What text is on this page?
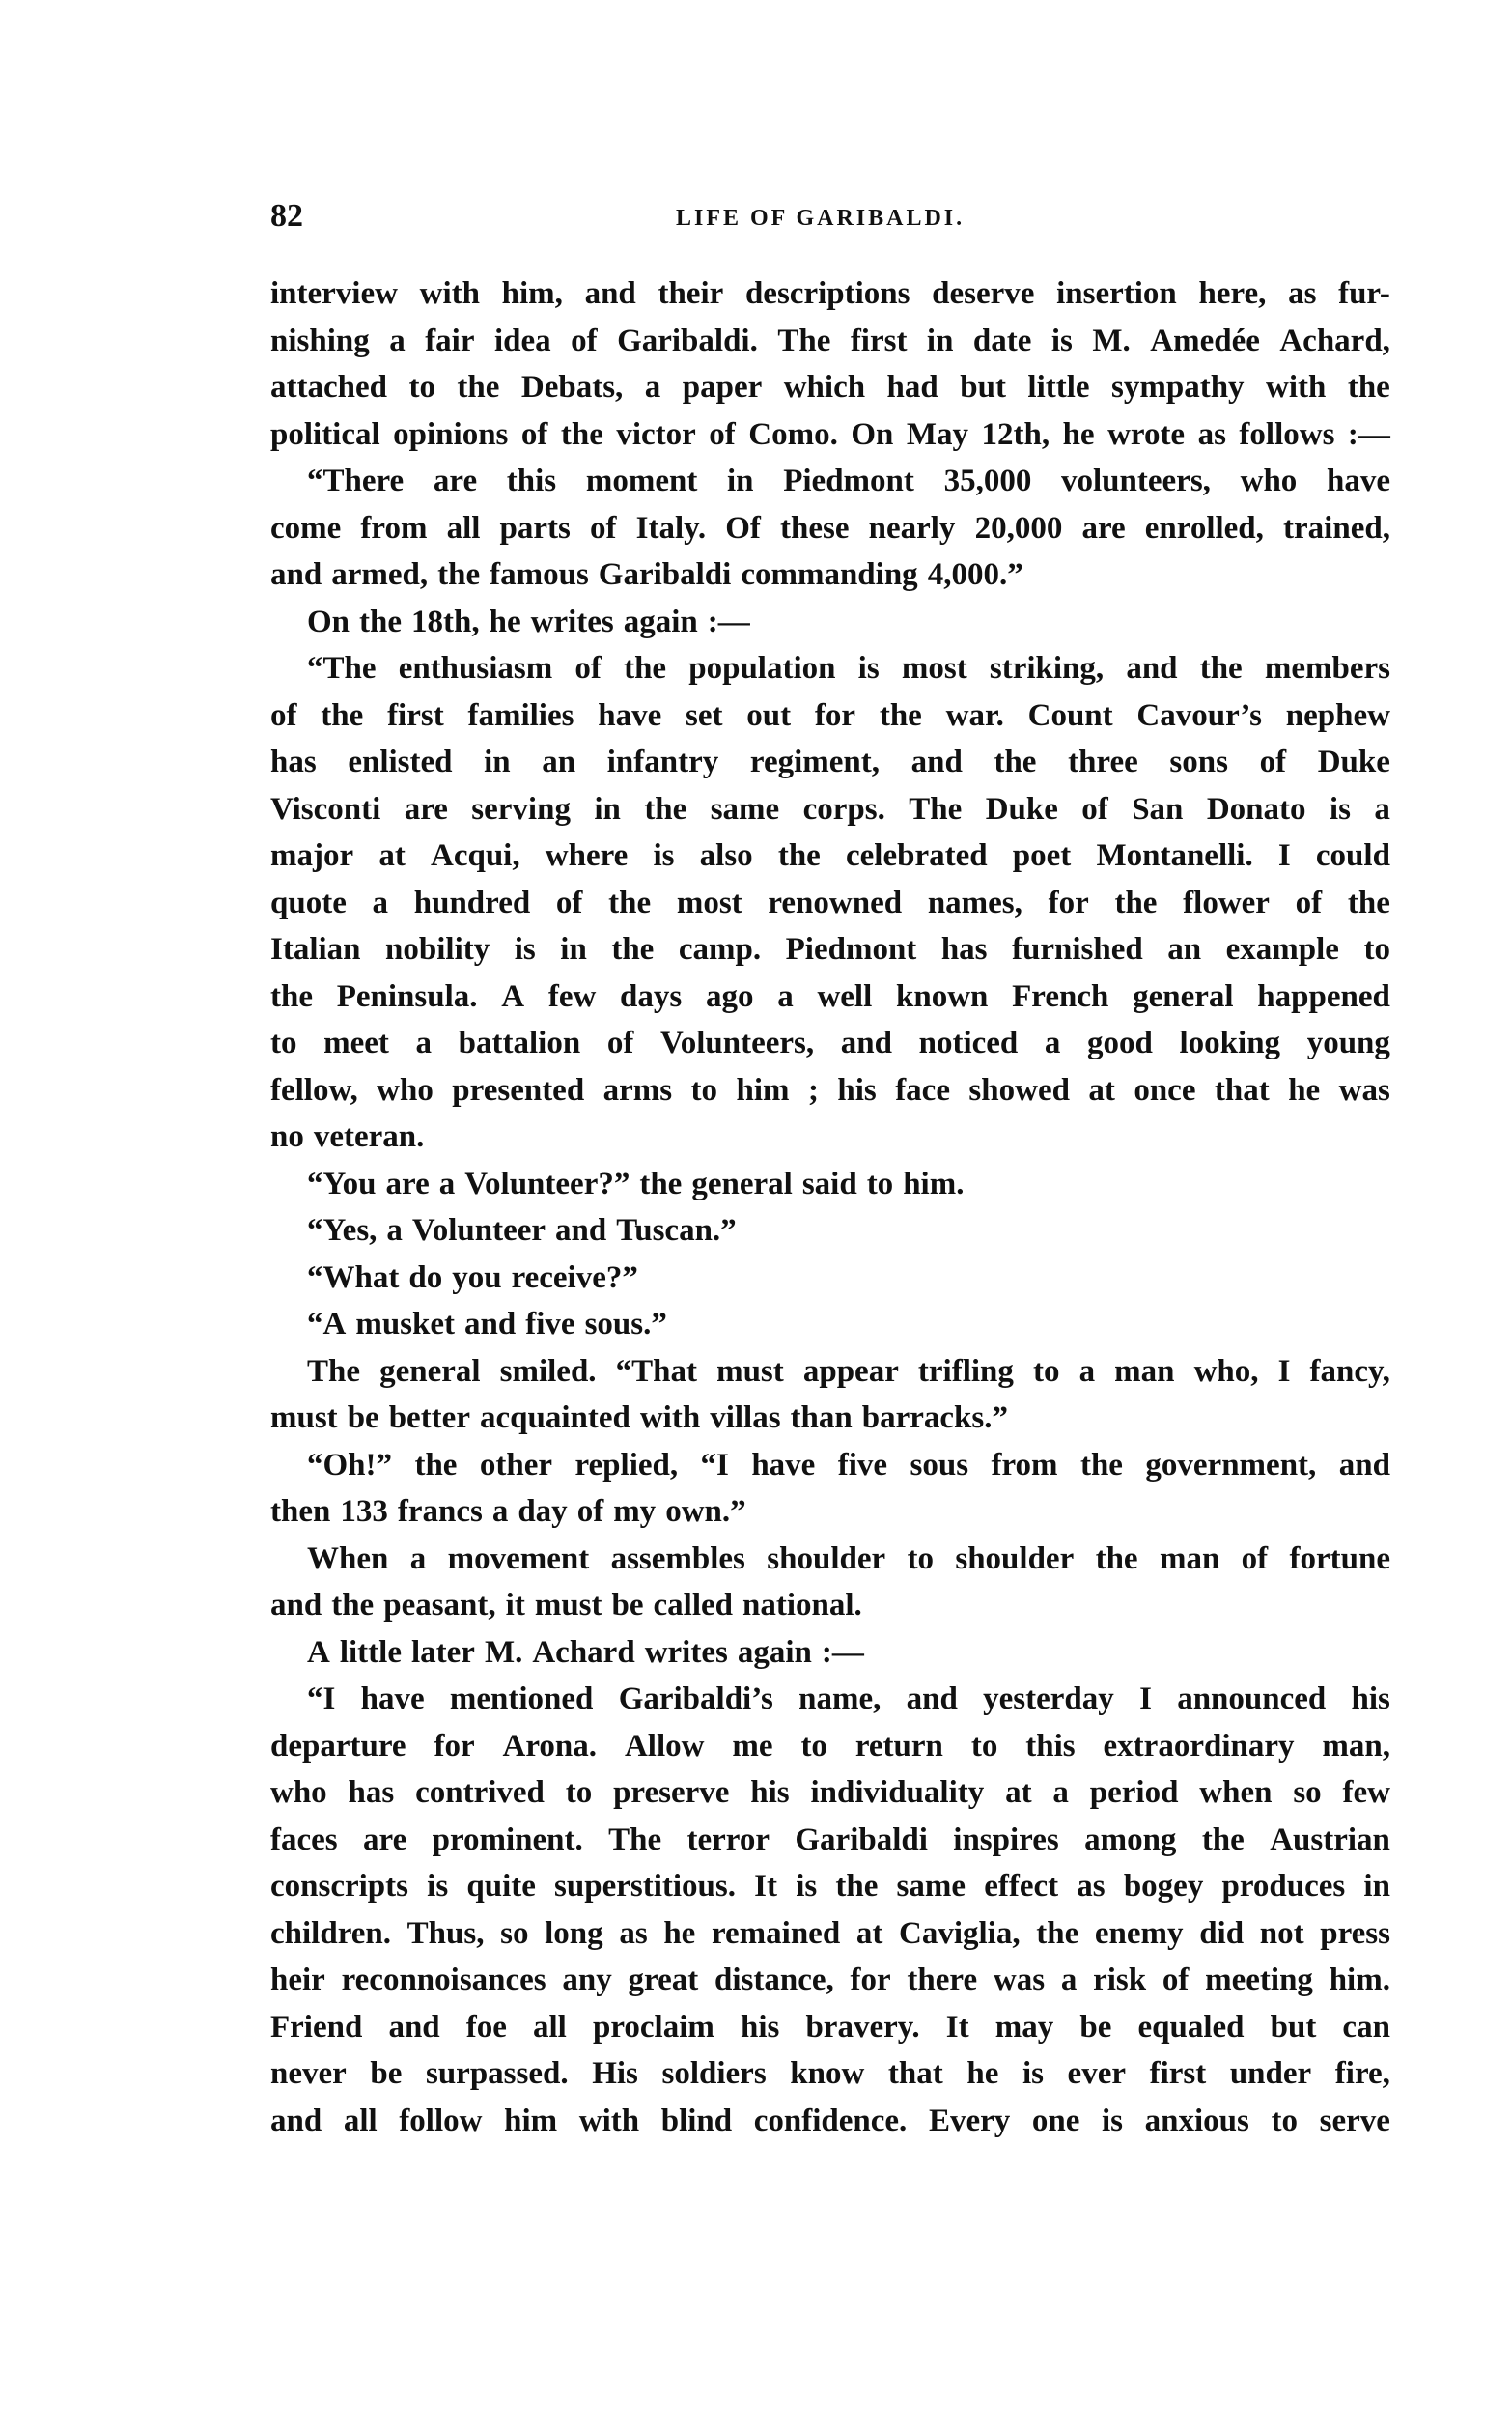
82	LIFE OF GARIBALDI.
interview with him, and their descriptions deserve insertion here, as fur-
nishing a fair idea of Garibaldi. The first in date is M. Amedée Achard,
attached to the Debats, a paper which had but little sympathy with the
political opinions of the victor of Como. On May 12th, he wrote as follows :—
“There are this moment in Piedmont 35,000 volunteers, who have
come from all parts of Italy. Of these nearly 20,000 are enrolled, trained,
and armed, the famous Garibaldi commanding 4,000.”
On the 18th, he writes again :—
“The enthusiasm of the population is most striking, and the members
of the first families have set out for the war. Count Cavour’s nephew
has enlisted in an infantry regiment, and the three sons of Duke
Visconti are serving in the same corps. The Duke of San Donato is a
major at Acqui, where is also the celebrated poet Montanelli. I could
quote a hundred of the most renowned names, for the flower of the
Italian nobility is in the camp. Piedmont has furnished an example to
the Peninsula. A few days ago a well known French general happened
to meet a battalion of Volunteers, and noticed a good looking young
fellow, who presented arms to him ; his face showed at once that he was
no veteran.
“You are a Volunteer?” the general said to him.
“Yes, a Volunteer and Tuscan.”
“What do you receive?”
“A musket and five sous.”
The general smiled. “That must appear trifling to a man who, I fancy,
must be better acquainted with villas than barracks.”
“Oh!” the other replied, “I have five sous from the government, and
then 133 francs a day of my own.”
When a movement assembles shoulder to shoulder the man of fortune
and the peasant, it must be called national.
A little later M. Achard writes again :—
“I have mentioned Garibaldi’s name, and yesterday I announced his
departure for Arona. Allow me to return to this extraordinary man,
who has contrived to preserve his individuality at a period when so few
faces are prominent. The terror Garibaldi inspires among the Austrian
conscripts is quite superstitious. It is the same effect as bogey produces in
children. Thus, so long as he remained at Caviglia, the enemy did not press
heir reconnoisances any great distance, for there was a risk of meeting him.
Friend and foe all proclaim his bravery. It may be equaled but can
never be surpassed. His soldiers know that he is ever first under fire,
and all follow him with blind confidence. Every one is anxious to serve
